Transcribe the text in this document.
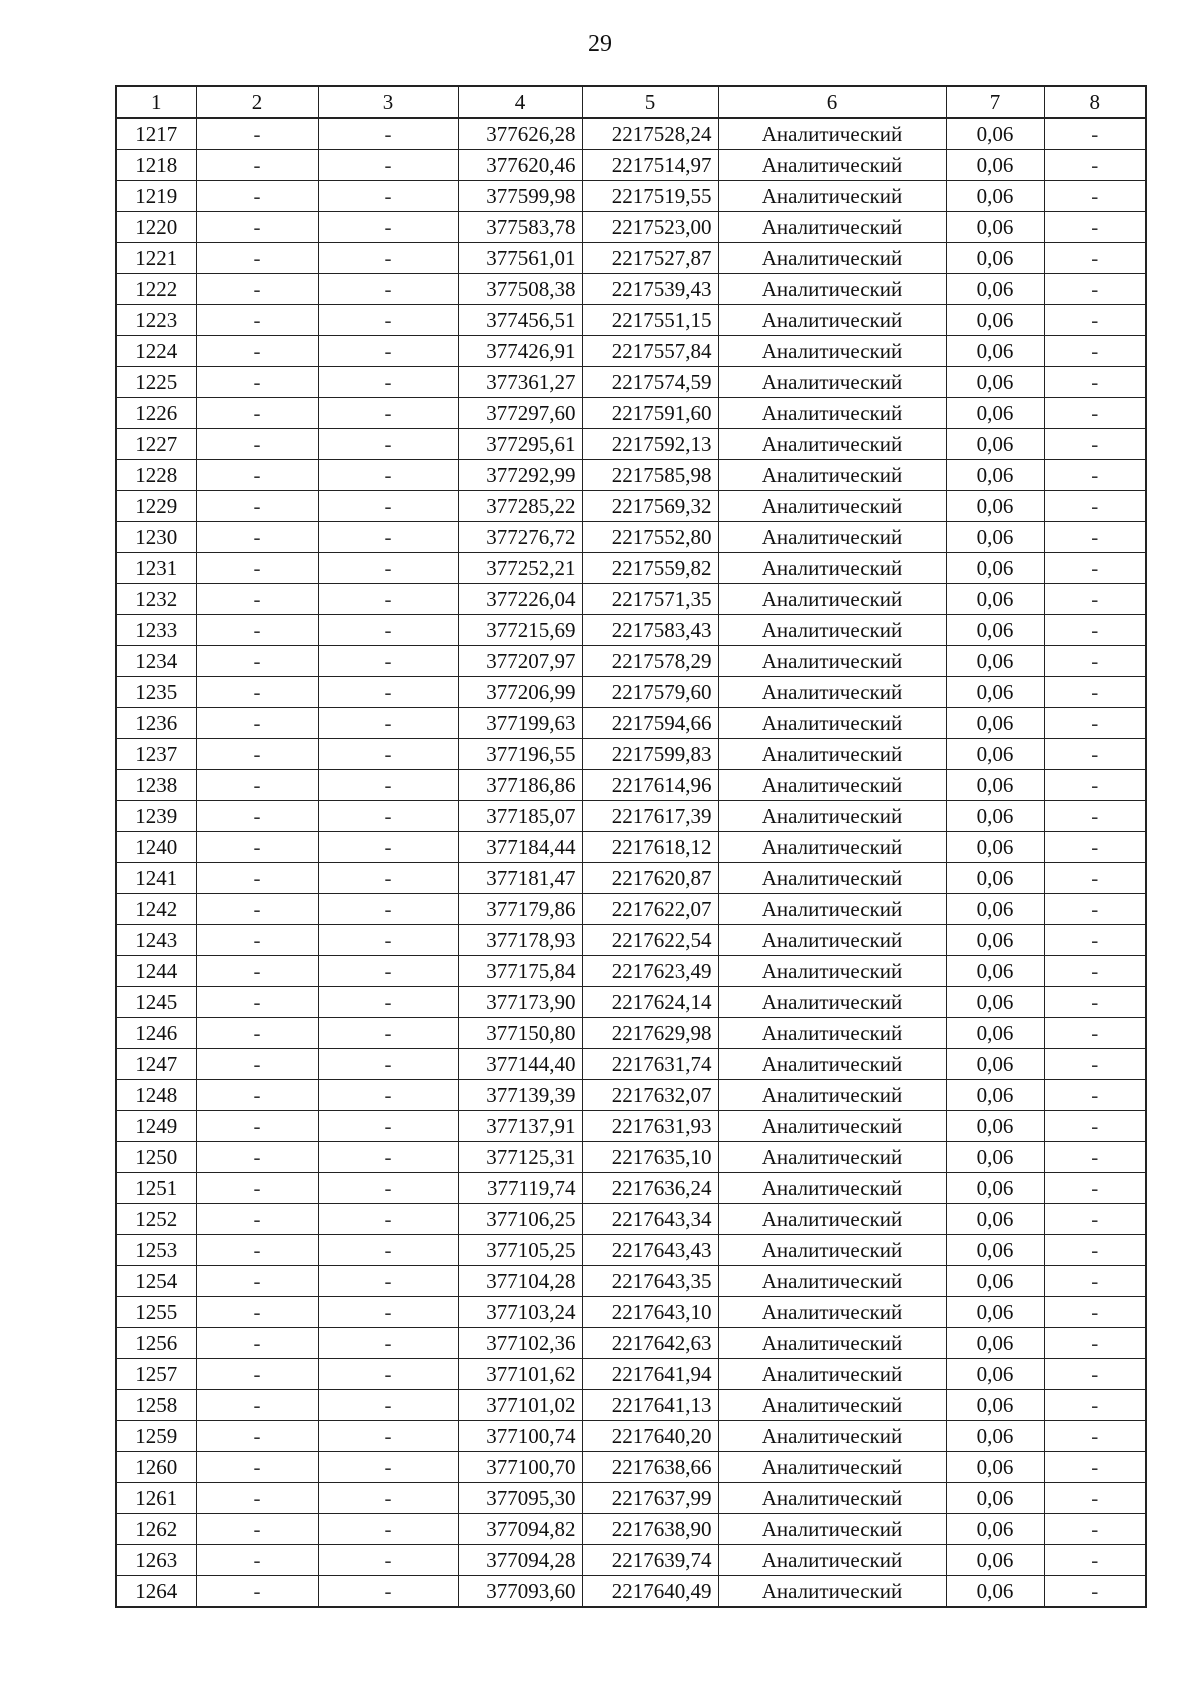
29
1	2	3	4	5	6	7	8
1217	-	-	377626,28	2217528,24	Аналитический	0,06	-
1218	-	-	377620,46	2217514,97	Аналитический	0,06	-
1219	-	-	377599,98	2217519,55	Аналитический	0,06	-
1220	-	-	377583,78	2217523,00	Аналитический	0,06	-
1221	-	-	377561,01	2217527,87	Аналитический	0,06	-
1222	-	-	377508,38	2217539,43	Аналитический	0,06	-
1223	-	-	377456,51	2217551,15	Аналитический	0,06	-
1224	-	-	377426,91	2217557,84	Аналитический	0,06	-
1225	-	-	377361,27	2217574,59	Аналитический	0,06	-
1226	-	-	377297,60	2217591,60	Аналитический	0,06	-
1227	-	-	377295,61	2217592,13	Аналитический	0,06	-
1228	-	-	377292,99	2217585,98	Аналитический	0,06	-
1229	-	-	377285,22	2217569,32	Аналитический	0,06	-
1230	-	-	377276,72	2217552,80	Аналитический	0,06	-
1231	-	-	377252,21	2217559,82	Аналитический	0,06	-
1232	-	-	377226,04	2217571,35	Аналитический	0,06	-
1233	-	-	377215,69	2217583,43	Аналитический	0,06	-
1234	-	-	377207,97	2217578,29	Аналитический	0,06	-
1235	-	-	377206,99	2217579,60	Аналитический	0,06	-
1236	-	-	377199,63	2217594,66	Аналитический	0,06	-
1237	-	-	377196,55	2217599,83	Аналитический	0,06	-
1238	-	-	377186,86	2217614,96	Аналитический	0,06	-
1239	-	-	377185,07	2217617,39	Аналитический	0,06	-
1240	-	-	377184,44	2217618,12	Аналитический	0,06	-
1241	-	-	377181,47	2217620,87	Аналитический	0,06	-
1242	-	-	377179,86	2217622,07	Аналитический	0,06	-
1243	-	-	377178,93	2217622,54	Аналитический	0,06	-
1244	-	-	377175,84	2217623,49	Аналитический	0,06	-
1245	-	-	377173,90	2217624,14	Аналитический	0,06	-
1246	-	-	377150,80	2217629,98	Аналитический	0,06	-
1247	-	-	377144,40	2217631,74	Аналитический	0,06	-
1248	-	-	377139,39	2217632,07	Аналитический	0,06	-
1249	-	-	377137,91	2217631,93	Аналитический	0,06	-
1250	-	-	377125,31	2217635,10	Аналитический	0,06	-
1251	-	-	377119,74	2217636,24	Аналитический	0,06	-
1252	-	-	377106,25	2217643,34	Аналитический	0,06	-
1253	-	-	377105,25	2217643,43	Аналитический	0,06	-
1254	-	-	377104,28	2217643,35	Аналитический	0,06	-
1255	-	-	377103,24	2217643,10	Аналитический	0,06	-
1256	-	-	377102,36	2217642,63	Аналитический	0,06	-
1257	-	-	377101,62	2217641,94	Аналитический	0,06	-
1258	-	-	377101,02	2217641,13	Аналитический	0,06	-
1259	-	-	377100,74	2217640,20	Аналитический	0,06	-
1260	-	-	377100,70	2217638,66	Аналитический	0,06	-
1261	-	-	377095,30	2217637,99	Аналитический	0,06	-
1262	-	-	377094,82	2217638,90	Аналитический	0,06	-
1263	-	-	377094,28	2217639,74	Аналитический	0,06	-
1264	-	-	377093,60	2217640,49	Аналитический	0,06	-
